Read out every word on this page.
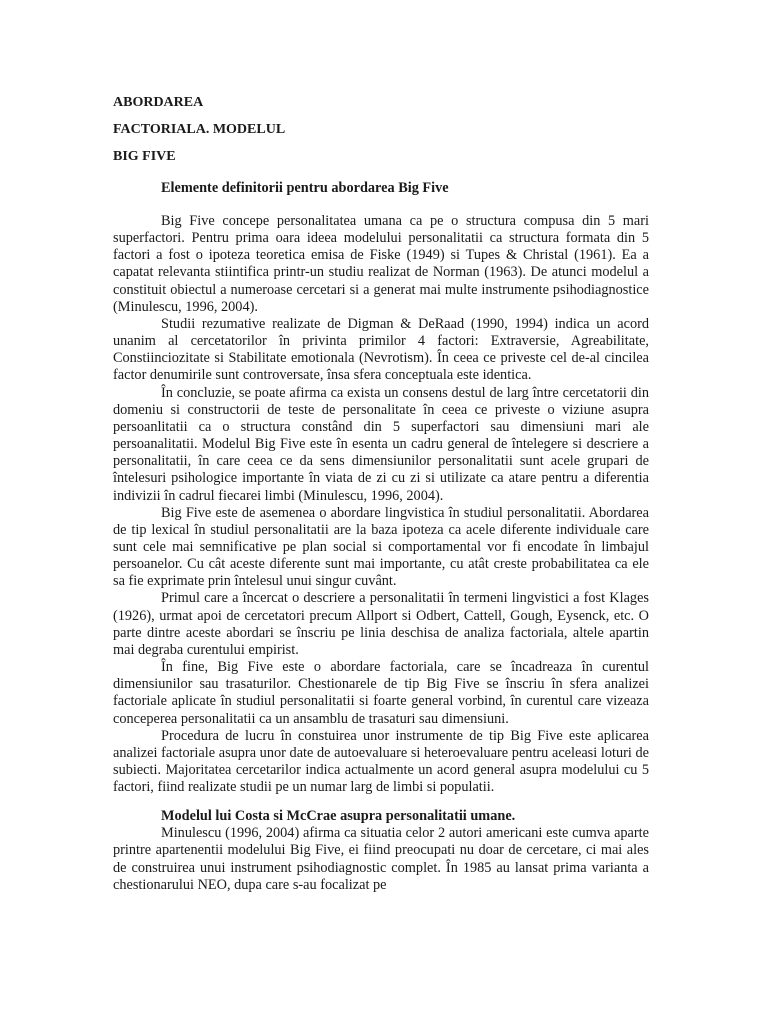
ABORDAREA
FACTORIALA. MODELUL
BIG FIVE
Elemente definitorii pentru abordarea Big Five

Big Five concepe personalitatea umana ca pe o structura compusa din 5 mari superfactori. Pentru prima oara ideea modelului personalitatii ca structura formata din 5 factori a fost o ipoteza teoretica emisa de Fiske (1949) si Tupes & Christal (1961). Ea a capatat relevanta stiintifica printr-un studiu realizat de Norman (1963). De atunci modelul a constituit obiectul a numeroase cercetari si a generat mai multe instrumente psihodiagnostice (Minulescu, 1996, 2004).

Studii rezumative realizate de Digman & DeRaad (1990, 1994) indica un acord unanim al cercetatorilor în privinta primilor 4 factori: Extraversie, Agreabilitate, Constiinciozitate si Stabilitate emotionala (Nevrotism). În ceea ce priveste cel de-al cincilea factor denumirile sunt controversate, însa sfera conceptuala este identica.

În concluzie, se poate afirma ca exista un consens destul de larg între cercetatorii din domeniu si constructorii de teste de personalitate în ceea ce priveste o viziune asupra persoanlitatii ca o structura constând din 5 superfactori sau dimensiuni mari ale persoanalitatii. Modelul Big Five este în esenta un cadru general de întelegere si descriere a personalitatii, în care ceea ce da sens dimensiunilor personalitatii sunt acele grupari de întelesuri psihologice importante în viata de zi cu zi si utilizate ca atare pentru a diferentia indivizii în cadrul fiecarei limbi (Minulescu, 1996, 2004).

Big Five este de asemenea o abordare lingvistica în studiul personalitatii. Abordarea de tip lexical în studiul personalitatii are la baza ipoteza ca acele diferente individuale care sunt cele mai semnificative pe plan social si comportamental vor fi encodate în limbajul persoanelor. Cu cât aceste diferente sunt mai importante, cu atât creste probabilitatea ca ele sa fie exprimate prin întelesul unui singur cuvânt.

Primul care a încercat o descriere a personalitatii în termeni lingvistici a fost Klages (1926), urmat apoi de cercetatori precum Allport si Odbert, Cattell, Gough, Eysenck, etc. O parte dintre aceste abordari se înscriu pe linia deschisa de analiza factoriala, altele apartin mai degraba curentului empirist.

În fine, Big Five este o abordare factoriala, care se încadreaza în curentul dimensiunilor sau trasaturilor. Chestionarele de tip Big Five se înscriu în sfera analizei factoriale aplicate în studiul personalitatii si foarte general vorbind, în curentul care vizeaza conceperea personalitatii ca un ansamblu de trasaturi sau dimensiuni.

Procedura de lucru în constuirea unor instrumente de tip Big Five este aplicarea analizei factoriale asupra unor date de autoevaluare si heteroevaluare pentru aceleasi loturi de subiecti. Majoritatea cercetarilor indica actualmente un acord general asupra modelului cu 5 factori, fiind realizate studii pe un numar larg de limbi si populatii.

Modelul lui Costa si McCrae asupra personalitatii umane.

Minulescu (1996, 2004) afirma ca situatia celor 2 autori americani este cumva aparte printre apartenentii modelului Big Five, ei fiind preocupati nu doar de cercetare, ci mai ales de construirea unui instrument psihodiagnostic complet. În 1985 au lansat prima varianta a chestionarului NEO, dupa care s-au focalizat pe
